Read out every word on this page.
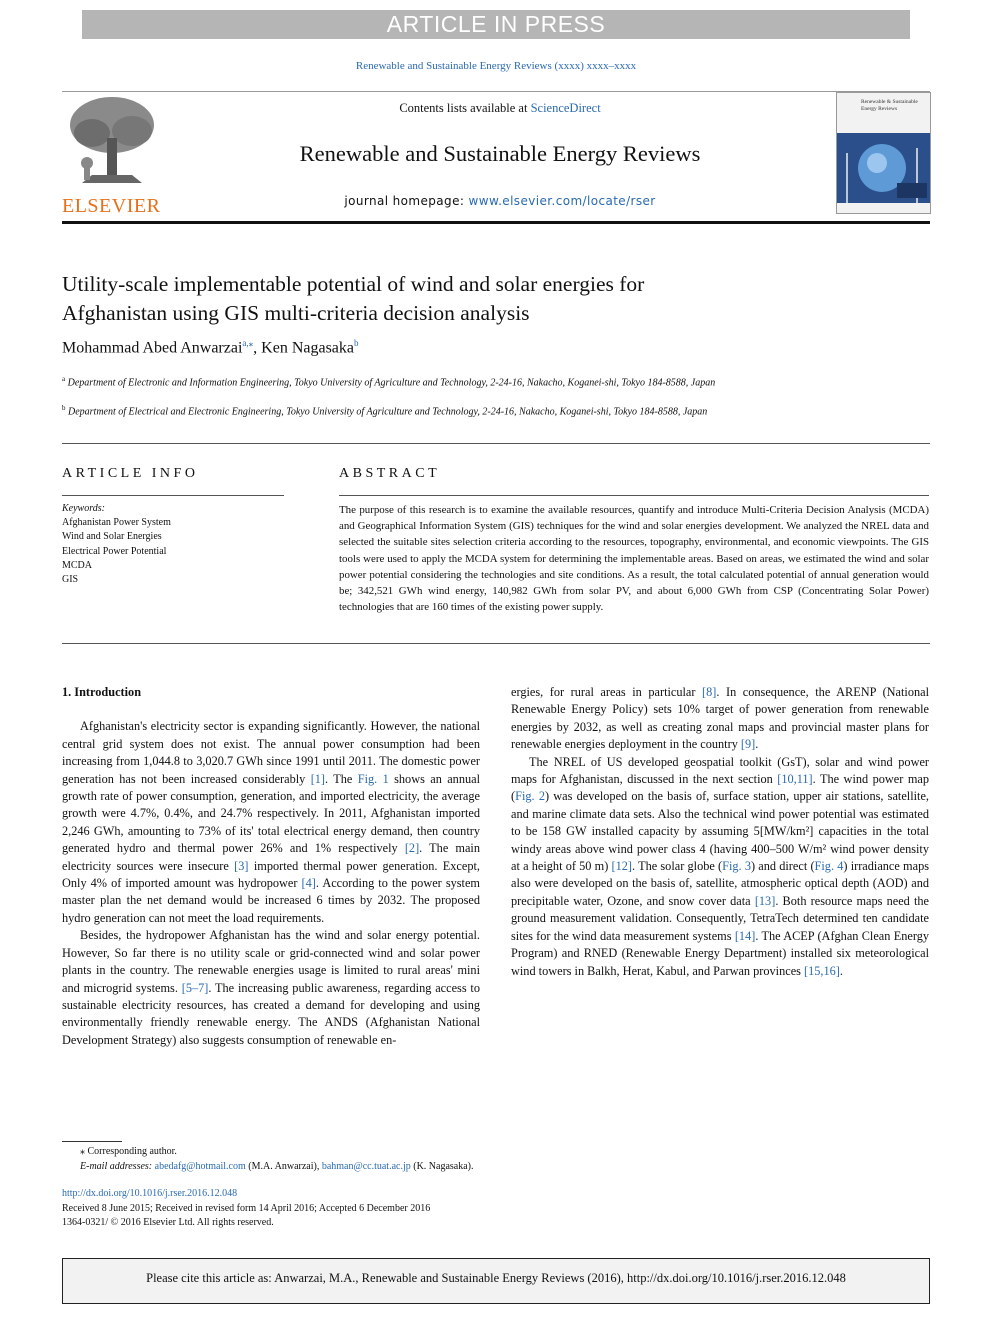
ARTICLE IN PRESS
Renewable and Sustainable Energy Reviews (xxxx) xxxx–xxxx
ELSEVIER
Contents lists available at ScienceDirect
Renewable and Sustainable Energy Reviews
journal homepage: www.elsevier.com/locate/rser
Renewable & Sustainable Energy Reviews
Utility-scale implementable potential of wind and solar energies for
Afghanistan using GIS multi-criteria decision analysis
Mohammad Abed Anwarzai$^{a,⁎}$, Ken Nagasaka$^b$
$^a$ Department of Electronic and Information Engineering, Tokyo University of Agriculture and Technology, 2-24-16, Nakacho, Koganei-shi, Tokyo 184-8588, Japan
$^b$ Department of Electrical and Electronic Engineering, Tokyo University of Agriculture and Technology, 2-24-16, Nakacho, Koganei-shi, Tokyo 184-8588, Japan
ARTICLE INFO
Keywords:
Afghanistan Power System
Wind and Solar Energies
Electrical Power Potential
MCDA
GIS
ABSTRACT
The purpose of this research is to examine the available resources, quantify and introduce Multi-Criteria Decision Analysis (MCDA) and Geographical Information System (GIS) techniques for the wind and solar energies development. We analyzed the NREL data and selected the suitable sites selection criteria according to the resources, topography, environmental, and economic viewpoints. The GIS tools were used to apply the MCDA system for determining the implementable areas. Based on areas, we estimated the wind and solar power potential considering the technologies and site conditions. As a result, the total calculated potential of annual generation would be; 342,521 GWh wind energy, 140,982 GWh from solar PV, and about 6,000 GWh from CSP (Concentrating Solar Power) technologies that are 160 times of the existing power supply.

1. Introduction

Afghanistan's electricity sector is expanding significantly. However, the national central grid system does not exist. The annual power consumption had been increasing from 1,044.8 to 3,020.7 GWh since 1991 until 2011. The domestic power generation has not been increased considerably [1]. The Fig. 1 shows an annual growth rate of power consumption, generation, and imported electricity, the average growth were 4.7%, 0.4%, and 24.7% respectively. In 2011, Afghanistan imported 2,246 GWh, amounting to 73% of its' total electrical energy demand, then country generated hydro and thermal power 26% and 1% respectively [2]. The main electricity sources were insecure [3] imported thermal power generation. Except, Only 4% of imported amount was hydropower [4]. According to the power system master plan the net demand would be increased 6 times by 2032. The proposed hydro generation can not meet the load requirements.

Besides, the hydropower Afghanistan has the wind and solar energy potential. However, So far there is no utility scale or grid-connected wind and solar power plants in the country. The renewable energies usage is limited to rural areas' mini and microgrid systems. [5–7]. The increasing public awareness, regarding access to sustainable electricity resources, has created a demand for developing and using environmentally friendly renewable energy. The ANDS (Afghanistan National Development Strategy) also suggests consumption of renewable en-

ergies, for rural areas in particular [8]. In consequence, the ARENP (National Renewable Energy Policy) sets 10% target of power generation from renewable energies by 2032, as well as creating zonal maps and provincial master plans for renewable energies deployment in the country [9].

The NREL of US developed geospatial toolkit (GsT), solar and wind power maps for Afghanistan, discussed in the next section [10,11]. The wind power map (Fig. 2) was developed on the basis of, surface station, upper air stations, satellite, and marine climate data sets. Also the technical wind power potential was estimated to be 158 GW installed capacity by assuming 5[MW/km²] capacities in the total windy areas above wind power class 4 (having 400–500 W/m² wind power density at a height of 50 m) [12]. The solar globe (Fig. 3) and direct (Fig. 4) irradiance maps also were developed on the basis of, satellite, atmospheric optical depth (AOD) and precipitable water, Ozone, and snow cover data [13]. Both resource maps need the ground measurement validation. Consequently, TetraTech determined ten candidate sites for the wind data measurement systems [14]. The ACEP (Afghan Clean Energy Program) and RNED (Renewable Energy Department) installed six meteorological wind towers in Balkh, Herat, Kabul, and Parwan provinces [15,16].

⁎ Corresponding author.
E-mail addresses: abedafg@hotmail.com (M.A. Anwarzai), bahman@cc.tuat.ac.jp (K. Nagasaka).
http://dx.doi.org/10.1016/j.rser.2016.12.048
Received 8 June 2015; Received in revised form 14 April 2016; Accepted 6 December 2016
1364-0321/ © 2016 Elsevier Ltd. All rights reserved.
Please cite this article as: Anwarzai, M.A., Renewable and Sustainable Energy Reviews (2016), http://dx.doi.org/10.1016/j.rser.2016.12.048
